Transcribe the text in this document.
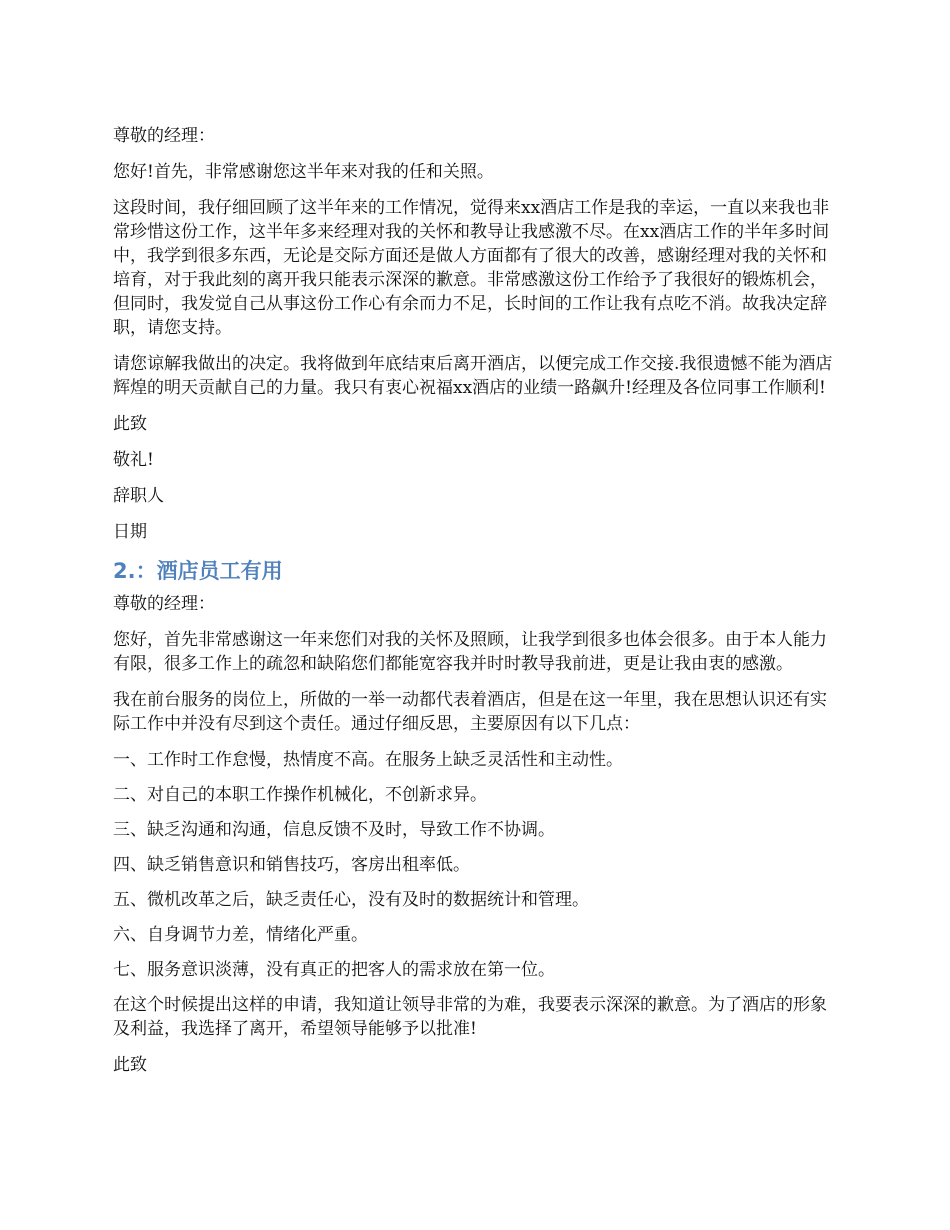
尊敬的经理：

您好!首先，非常感谢您这半年来对我的任和关照。

这段时间，我仔细回顾了这半年来的工作情况，觉得来xx酒店工作是我的幸运，一直以来我也非常珍惜这份工作，这半年多来经理对我的关怀和教导让我感激不尽。在xx酒店工作的半年多时间中，我学到很多东西，无论是交际方面还是做人方面都有了很大的改善，感谢经理对我的关怀和培育，对于我此刻的离开我只能表示深深的歉意。非常感激这份工作给予了我很好的锻炼机会，但同时，我发觉自己从事这份工作心有余而力不足，长时间的工作让我有点吃不消。故我决定辞职，请您支持。

请您谅解我做出的决定。我将做到年底结束后离开酒店，以便完成工作交接.我很遗憾不能为酒店辉煌的明天贡献自己的力量。我只有衷心祝福xx酒店的业绩一路飙升!经理及各位同事工作顺利!

此致

敬礼!

辞职人

日期

2.：酒店员工有用

尊敬的经理：

您好，首先非常感谢这一年来您们对我的关怀及照顾，让我学到很多也体会很多。由于本人能力有限，很多工作上的疏忽和缺陷您们都能宽容我并时时教导我前进，更是让我由衷的感激。

我在前台服务的岗位上，所做的一举一动都代表着酒店，但是在这一年里，我在思想认识还有实际工作中并没有尽到这个责任。通过仔细反思，主要原因有以下几点：

一、工作时工作怠慢，热情度不高。在服务上缺乏灵活性和主动性。

二、对自己的本职工作操作机械化，不创新求异。

三、缺乏沟通和沟通，信息反馈不及时，导致工作不协调。

四、缺乏销售意识和销售技巧，客房出租率低。

五、微机改革之后，缺乏责任心，没有及时的数据统计和管理。

六、自身调节力差，情绪化严重。

七、服务意识淡薄，没有真正的把客人的需求放在第一位。

在这个时候提出这样的申请，我知道让领导非常的为难，我要表示深深的歉意。为了酒店的形象及利益，我选择了离开，希望领导能够予以批准!

此致
